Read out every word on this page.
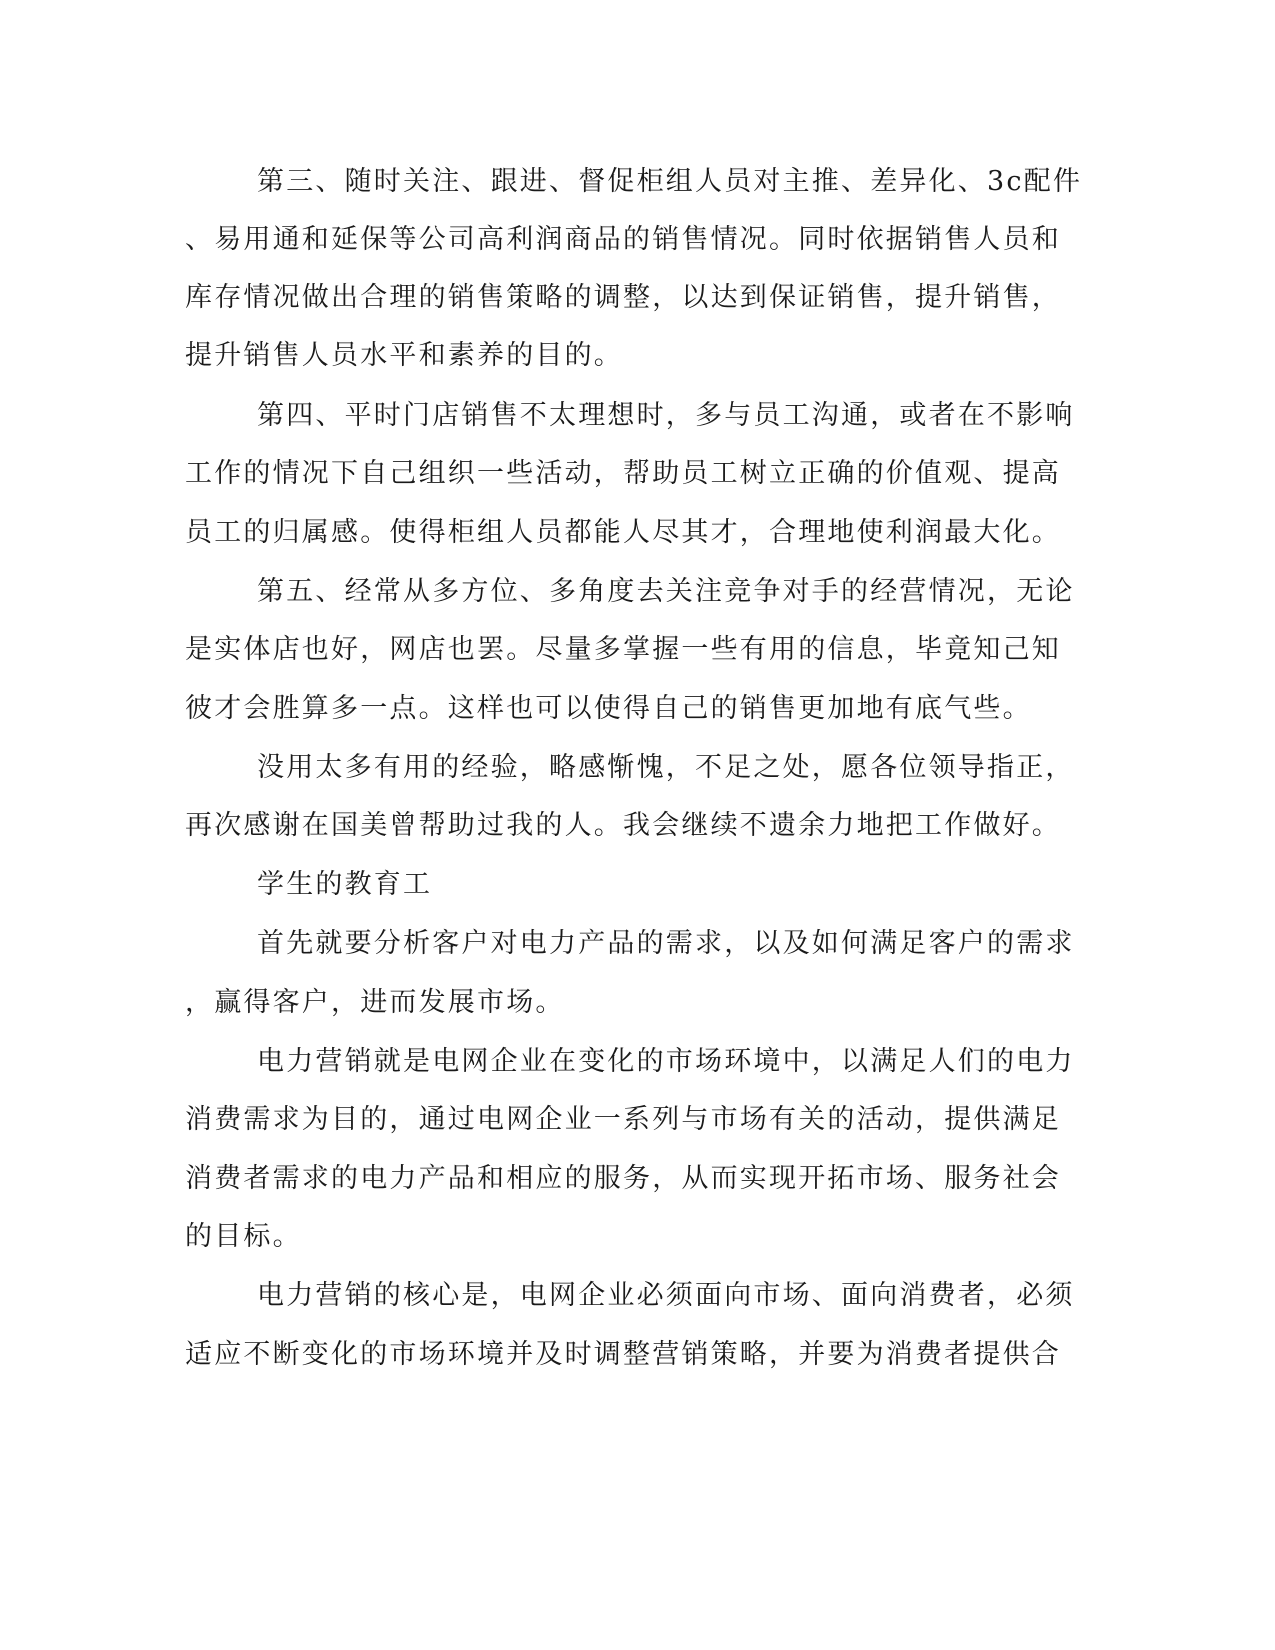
第三、随时关注、跟进、督促柜组人员对主推、差异化、3c配件
、易用通和延保等公司高利润商品的销售情况。同时依据销售人员和
库存情况做出合理的销售策略的调整，以达到保证销售，提升销售，
提升销售人员水平和素养的目的。
第四、平时门店销售不太理想时，多与员工沟通，或者在不影响
工作的情况下自己组织一些活动，帮助员工树立正确的价值观、提高
员工的归属感。使得柜组人员都能人尽其才，合理地使利润最大化。
第五、经常从多方位、多角度去关注竞争对手的经营情况，无论
是实体店也好，网店也罢。尽量多掌握一些有用的信息，毕竟知己知
彼才会胜算多一点。这样也可以使得自己的销售更加地有底气些。
没用太多有用的经验，略感惭愧，不足之处，愿各位领导指正，
再次感谢在国美曾帮助过我的人。我会继续不遗余力地把工作做好。
学生的教育工
首先就要分析客户对电力产品的需求，以及如何满足客户的需求
，赢得客户，进而发展市场。
电力营销就是电网企业在变化的市场环境中，以满足人们的电力
消费需求为目的，通过电网企业一系列与市场有关的活动，提供满足
消费者需求的电力产品和相应的服务，从而实现开拓市场、服务社会
的目标。
电力营销的核心是，电网企业必须面向市场、面向消费者，必须
适应不断变化的市场环境并及时调整营销策略，并要为消费者提供合
